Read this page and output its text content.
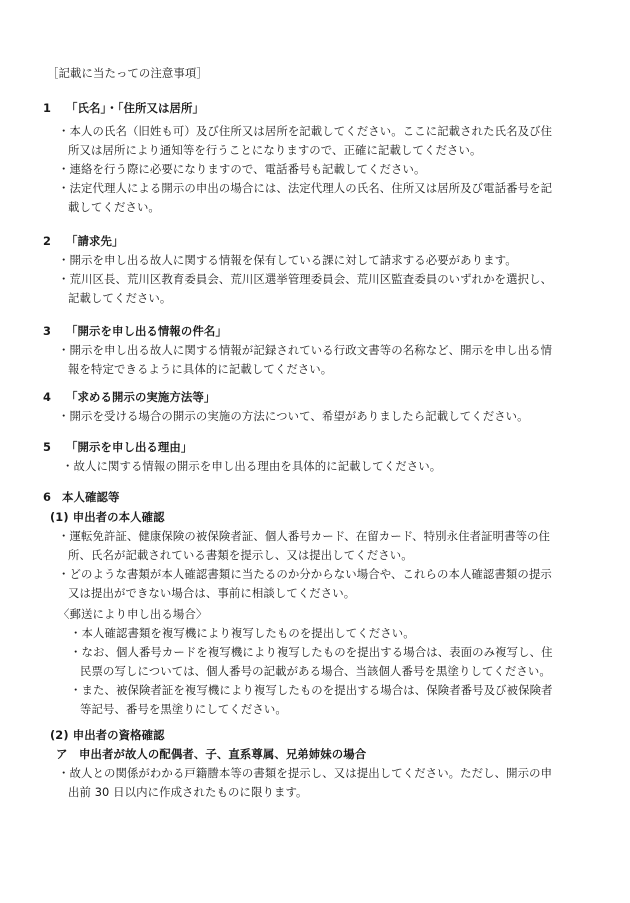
［記載に当たっての注意事項］
1 「氏名」・「住所又は居所」
・本人の氏名（旧姓も可）及び住所又は居所を記載してください。ここに記載された氏名及び住
所又は居所により通知等を行うことになりますので、正確に記載してください。
・連絡を行う際に必要になりますので、電話番号も記載してください。
・法定代理人による開示の申出の場合には、法定代理人の氏名、住所又は居所及び電話番号を記
載してください。
2 「請求先」
・開示を申し出る故人に関する情報を保有している課に対して請求する必要があります。
・荒川区長、荒川区教育委員会、荒川区選挙管理委員会、荒川区監査委員のいずれかを選択し、
記載してください。
3 「開示を申し出る情報の件名」
・開示を申し出る故人に関する情報が記録されている行政文書等の名称など、開示を申し出る情
報を特定できるように具体的に記載してください。
4 「求める開示の実施方法等」
・開示を受ける場合の開示の実施の方法について、希望がありましたら記載してください。
5 「開示を申し出る理由」
・故人に関する情報の開示を申し出る理由を具体的に記載してください。
6 本人確認等
(1) 申出者の本人確認
・運転免許証、健康保険の被保険者証、個人番号カード、在留カード、特別永住者証明書等の住
所、氏名が記載されている書類を提示し、又は提出してください。
・どのような書類が本人確認書類に当たるのか分からない場合や、これらの本人確認書類の提示
又は提出ができない場合は、事前に相談してください。
〈郵送により申し出る場合〉
・本人確認書類を複写機により複写したものを提出してください。
・なお、個人番号カードを複写機により複写したものを提出する場合は、表面のみ複写し、住
民票の写しについては、個人番号の記載がある場合、当該個人番号を黒塗りしてください。
・また、被保険者証を複写機により複写したものを提出する場合は、保険者番号及び被保険者
等記号、番号を黒塗りにしてください。
(2) 申出者の資格確認
ア　申出者が故人の配偶者、子、直系尊属、兄弟姉妹の場合
・故人との関係がわかる戸籍謄本等の書類を提示し、又は提出してください。ただし、開示の申
出前 30 日以内に作成されたものに限ります。
